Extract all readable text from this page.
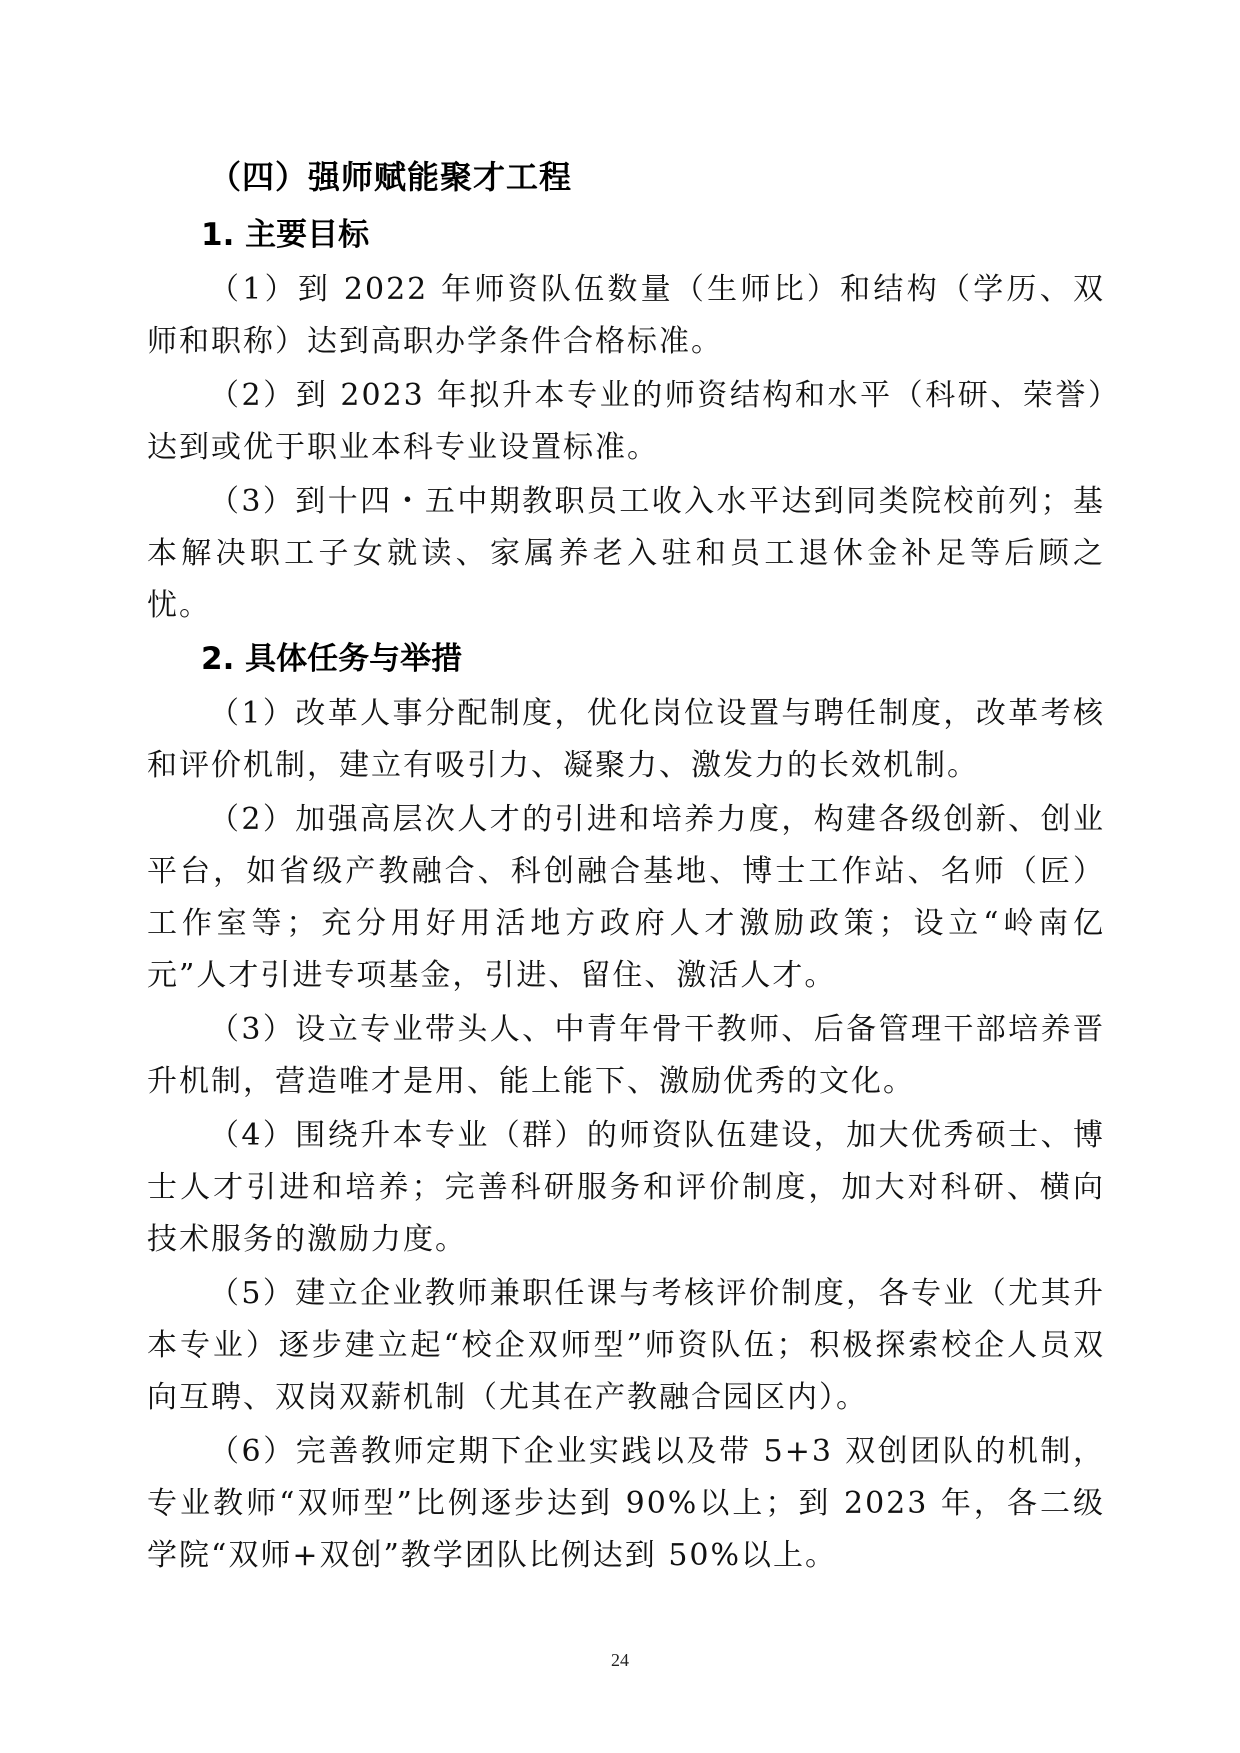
（四）强师赋能聚才工程
1. 主要目标

（1）到 2022 年师资队伍数量（生师比）和结构（学历、双师和职称）达到高职办学条件合格标准。

（2）到 2023 年拟升本专业的师资结构和水平（科研、荣誉）达到或优于职业本科专业设置标准。

（3）到十四・五中期教职员工收入水平达到同类院校前列；基本解决职工子女就读、家属养老入驻和员工退休金补足等后顾之忧。

2. 具体任务与举措

（1）改革人事分配制度，优化岗位设置与聘任制度，改革考核和评价机制，建立有吸引力、凝聚力、激发力的长效机制。

（2）加强高层次人才的引进和培养力度，构建各级创新、创业平台，如省级产教融合、科创融合基地、博士工作站、名师（匠）工作室等；充分用好用活地方政府人才激励政策；设立“岭南亿元”人才引进专项基金，引进、留住、激活人才。

（3）设立专业带头人、中青年骨干教师、后备管理干部培养晋升机制，营造唯才是用、能上能下、激励优秀的文化。

（4）围绕升本专业（群）的师资队伍建设，加大优秀硕士、博士人才引进和培养；完善科研服务和评价制度，加大对科研、横向技术服务的激励力度。

（5）建立企业教师兼职任课与考核评价制度，各专业（尤其升本专业）逐步建立起“校企双师型”师资队伍；积极探索校企人员双向互聘、双岗双薪机制（尤其在产教融合园区内）。

（6）完善教师定期下企业实践以及带 5+3 双创团队的机制，专业教师“双师型”比例逐步达到 90%以上；到 2023 年，各二级学院“双师+双创”教学团队比例达到 50%以上。

24
